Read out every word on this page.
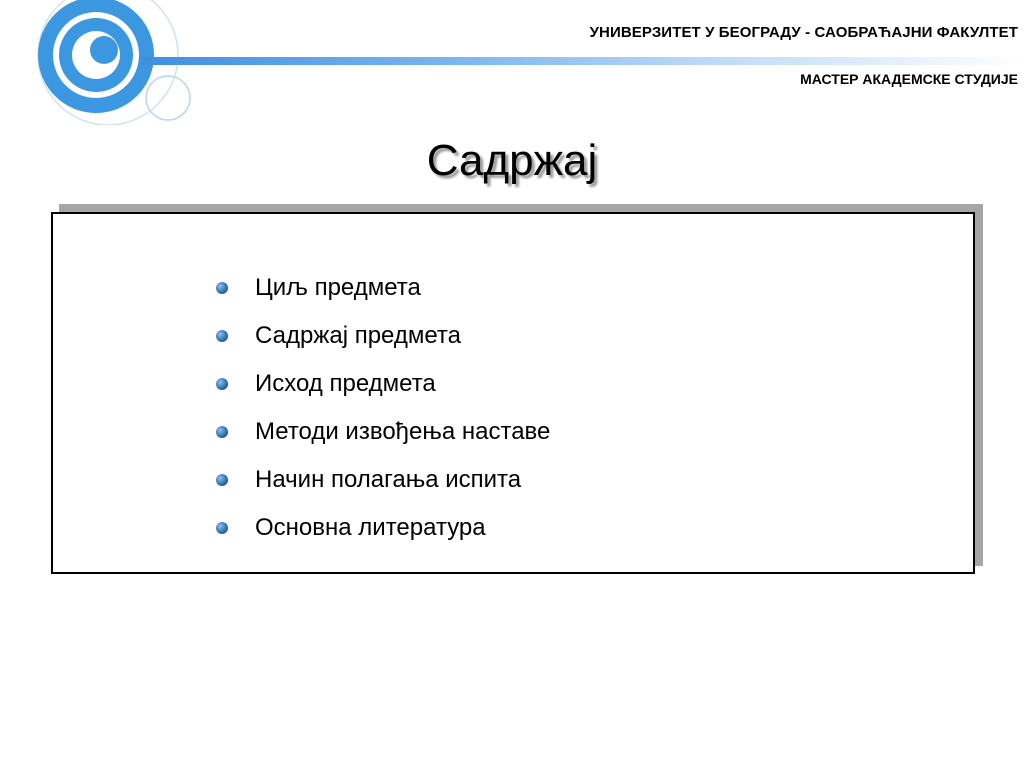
УНИВЕРЗИТЕТ У БЕОГРАДУ - САОБРАЋАЈНИ ФАКУЛТЕТ
МАСТЕР АКАДЕМСКЕ СТУДИЈЕ
Садржај
Циљ предмета
Садржај предмета
Исход предмета
Методи извођења наставе
Начин полагања испита
Основна литература
